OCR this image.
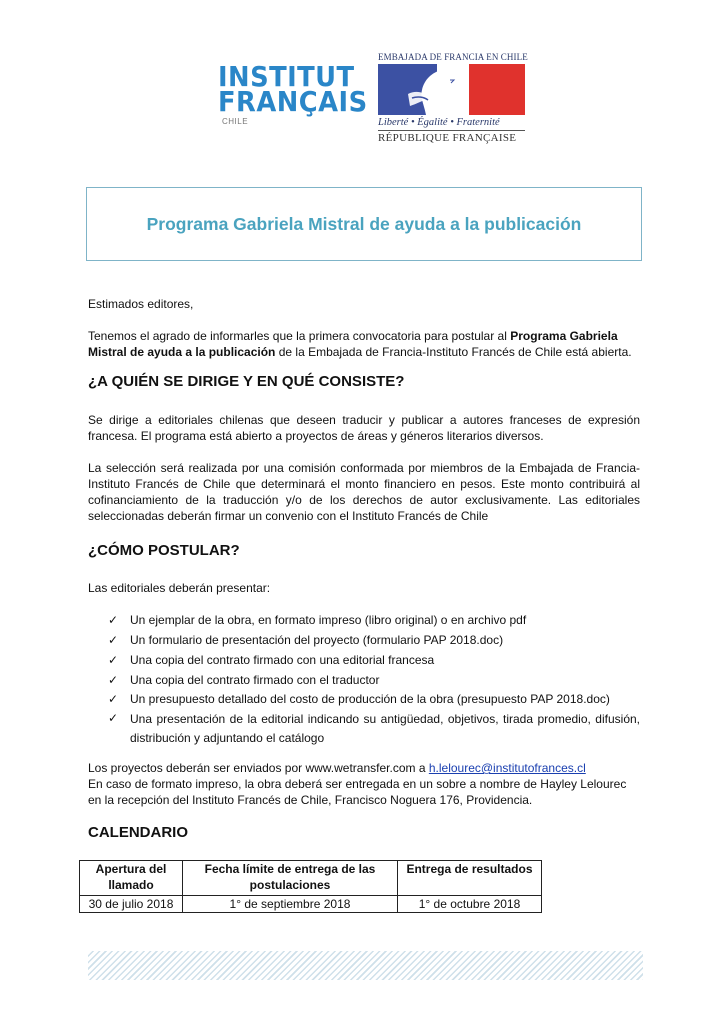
INSTITUT
FRANÇAIS
CHILE
EMBAJADA DE FRANCIA EN CHILE
Liberté • Égalité • Fraternité
RÉPUBLIQUE FRANÇAISE
Programa Gabriela Mistral de ayuda a la publicación
Estimados editores,
Tenemos el agrado de informarles que la primera convocatoria para postular al Programa Gabriela Mistral de ayuda a la publicación de la Embajada de Francia-Instituto Francés de Chile está abierta.
¿A QUIÉN SE DIRIGE Y EN QUÉ CONSISTE?
Se dirige a editoriales chilenas que deseen traducir y publicar a autores franceses de expresión francesa. El programa está abierto a proyectos de áreas y géneros literarios diversos.
La selección será realizada por una comisión conformada por miembros de la Embajada de Francia-Instituto Francés de Chile que determinará el monto financiero en pesos. Este monto contribuirá al cofinanciamiento de la traducción y/o de los derechos de autor exclusivamente. Las editoriales seleccionadas deberán firmar un convenio con el Instituto Francés de Chile
¿CÓMO POSTULAR?
Las editoriales deberán presentar:
✓ Un ejemplar de la obra, en formato impreso (libro original) o en archivo pdf
✓ Un formulario de presentación del proyecto (formulario PAP 2018.doc)
✓ Una copia del contrato firmado con una editorial francesa
✓ Una copia del contrato firmado con el traductor
✓ Un presupuesto detallado del costo de producción de la obra (presupuesto PAP 2018.doc)
✓ Una presentación de la editorial indicando su antigüedad, objetivos, tirada promedio, difusión, distribución y adjuntando el catálogo
Los proyectos deberán ser enviados por www.wetransfer.com a h.lelourec@institutofrances.cl
En caso de formato impreso, la obra deberá ser entregada en un sobre a nombre de Hayley Lelourec en la recepción del Instituto Francés de Chile, Francisco Noguera 176, Providencia.
CALENDARIO
Apertura del llamado	Fecha límite de entrega de las postulaciones	Entrega de resultados
30 de julio 2018	1° de septiembre 2018	1° de octubre 2018
